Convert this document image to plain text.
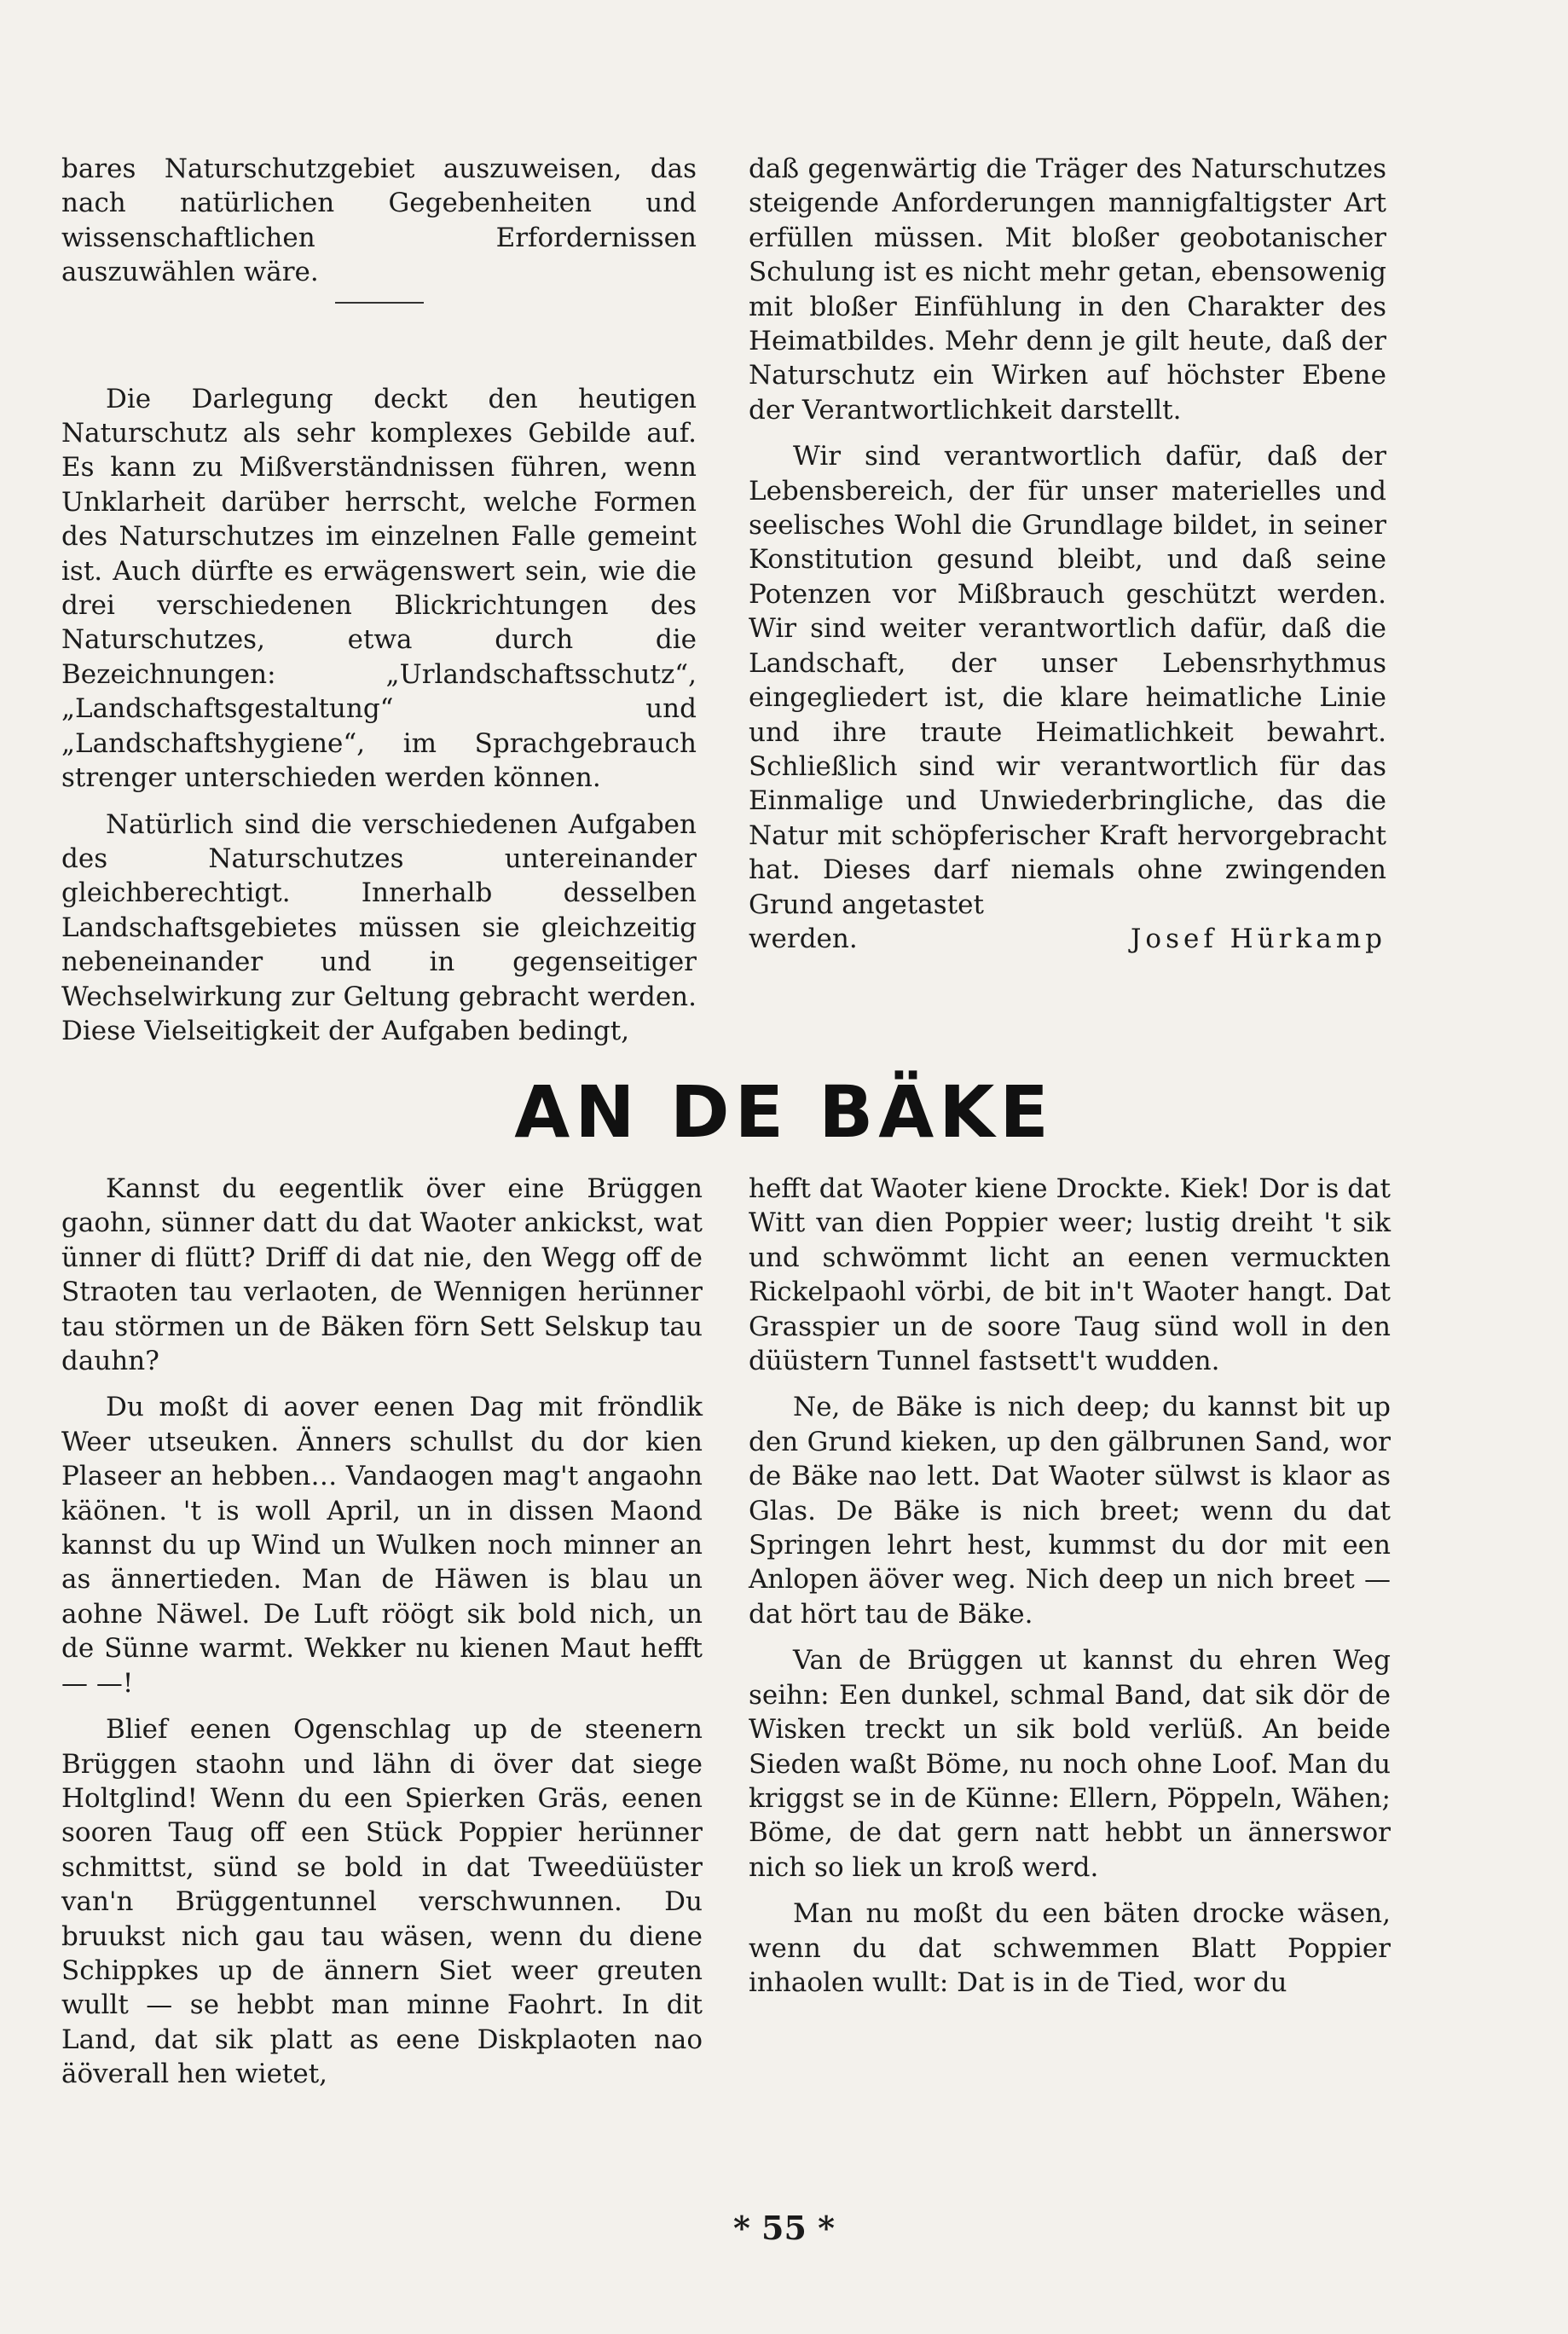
bares Naturschutzgebiet auszuweisen, das nach natürlichen Gegebenheiten und wissenschaftlichen Erfordernissen auszuwählen wäre.

Die Darlegung deckt den heutigen Naturschutz als sehr komplexes Gebilde auf. Es kann zu Mißverständnissen führen, wenn Unklarheit darüber herrscht, welche Formen des Naturschutzes im einzelnen Falle gemeint ist. Auch dürfte es erwägenswert sein, wie die drei verschiedenen Blickrichtungen des Naturschutzes, etwa durch die Bezeichnungen: „Urlandschaftsschutz“, „Landschaftsgestaltung“ und „Landschaftshygiene“, im Sprachgebrauch strenger unterschieden werden können.

Natürlich sind die verschiedenen Aufgaben des Naturschutzes untereinander gleichberechtigt. Innerhalb desselben Landschaftsgebietes müssen sie gleichzeitig nebeneinander und in gegenseitiger Wechselwirkung zur Geltung gebracht werden. Diese Vielseitigkeit der Aufgaben bedingt,

daß gegenwärtig die Träger des Naturschutzes steigende Anforderungen mannigfaltigster Art erfüllen müssen. Mit bloßer geobotanischer Schulung ist es nicht mehr getan, ebensowenig mit bloßer Einfühlung in den Charakter des Heimatbildes. Mehr denn je gilt heute, daß der Naturschutz ein Wirken auf höchster Ebene der Verantwortlichkeit darstellt.

Wir sind verantwortlich dafür, daß der Lebensbereich, der für unser materielles und seelisches Wohl die Grundlage bildet, in seiner Konstitution gesund bleibt, und daß seine Potenzen vor Mißbrauch geschützt werden. Wir sind weiter verantwortlich dafür, daß die Landschaft, der unser Lebensrhythmus eingegliedert ist, die klare heimatliche Linie und ihre traute Heimatlichkeit bewahrt. Schließlich sind wir verantwortlich für das Einmalige und Unwiederbringliche, das die Natur mit schöpferischer Kraft hervorgebracht hat. Dieses darf niemals ohne zwingenden Grund angetastet

werden.	Josef Hürkamp
AN DE BÄKE

Kannst du eegentlik över eine Brüggen gaohn, sünner datt du dat Waoter ankickst, wat ünner di flütt? Driff di dat nie, den Wegg off de Straoten tau verlaoten, de Wennigen herünner tau störmen un de Bäken förn Sett Selskup tau dauhn?

Du moßt di aover eenen Dag mit fröndlik Weer utseuken. Änners schullst du dor kien Plaseer an hebben… Vandaogen mag't angaohn käönen. 't is woll April, un in dissen Maond kannst du up Wind un Wulken noch minner an as ännertieden. Man de Häwen is blau un aohne Näwel. De Luft röögt sik bold nich, un de Sünne warmt. Wekker nu kienen Maut hefft — —!

Blief eenen Ogenschlag up de steenern Brüggen staohn und lähn di över dat siege Holtglind! Wenn du een Spierken Gräs, eenen sooren Taug off een Stück Poppier herünner schmittst, sünd se bold in dat Tweedüüster van'n Brüggentunnel verschwunnen. Du bruukst nich gau tau wäsen, wenn du diene Schippkes up de ännern Siet weer greuten wullt — se hebbt man minne Faohrt. In dit Land, dat sik platt as eene Diskplaoten nao äöverall hen wietet,

hefft dat Waoter kiene Drockte. Kiek! Dor is dat Witt van dien Poppier weer; lustig dreiht 't sik und schwömmt licht an eenen vermuckten Rickelpaohl vörbi, de bit in't Waoter hangt. Dat Grasspier un de soore Taug sünd woll in den düüstern Tunnel fastsett't wudden.

Ne, de Bäke is nich deep; du kannst bit up den Grund kieken, up den gälbrunen Sand, wor de Bäke nao lett. Dat Waoter sülwst is klaor as Glas. De Bäke is nich breet; wenn du dat Springen lehrt hest, kummst du dor mit een Anlopen äöver weg. Nich deep un nich breet — dat hört tau de Bäke.

Van de Brüggen ut kannst du ehren Weg seihn: Een dunkel, schmal Band, dat sik dör de Wisken treckt un sik bold verlüß. An beide Sieden waßt Böme, nu noch ohne Loof. Man du kriggst se in de Künne: Ellern, Pöppeln, Wähen; Böme, de dat gern natt hebbt un ännerswor nich so liek un kroß werd.

Man nu moßt du een bäten drocke wäsen, wenn du dat schwemmen Blatt Poppier inhaolen wullt: Dat is in de Tied, wor du

* 55 *
